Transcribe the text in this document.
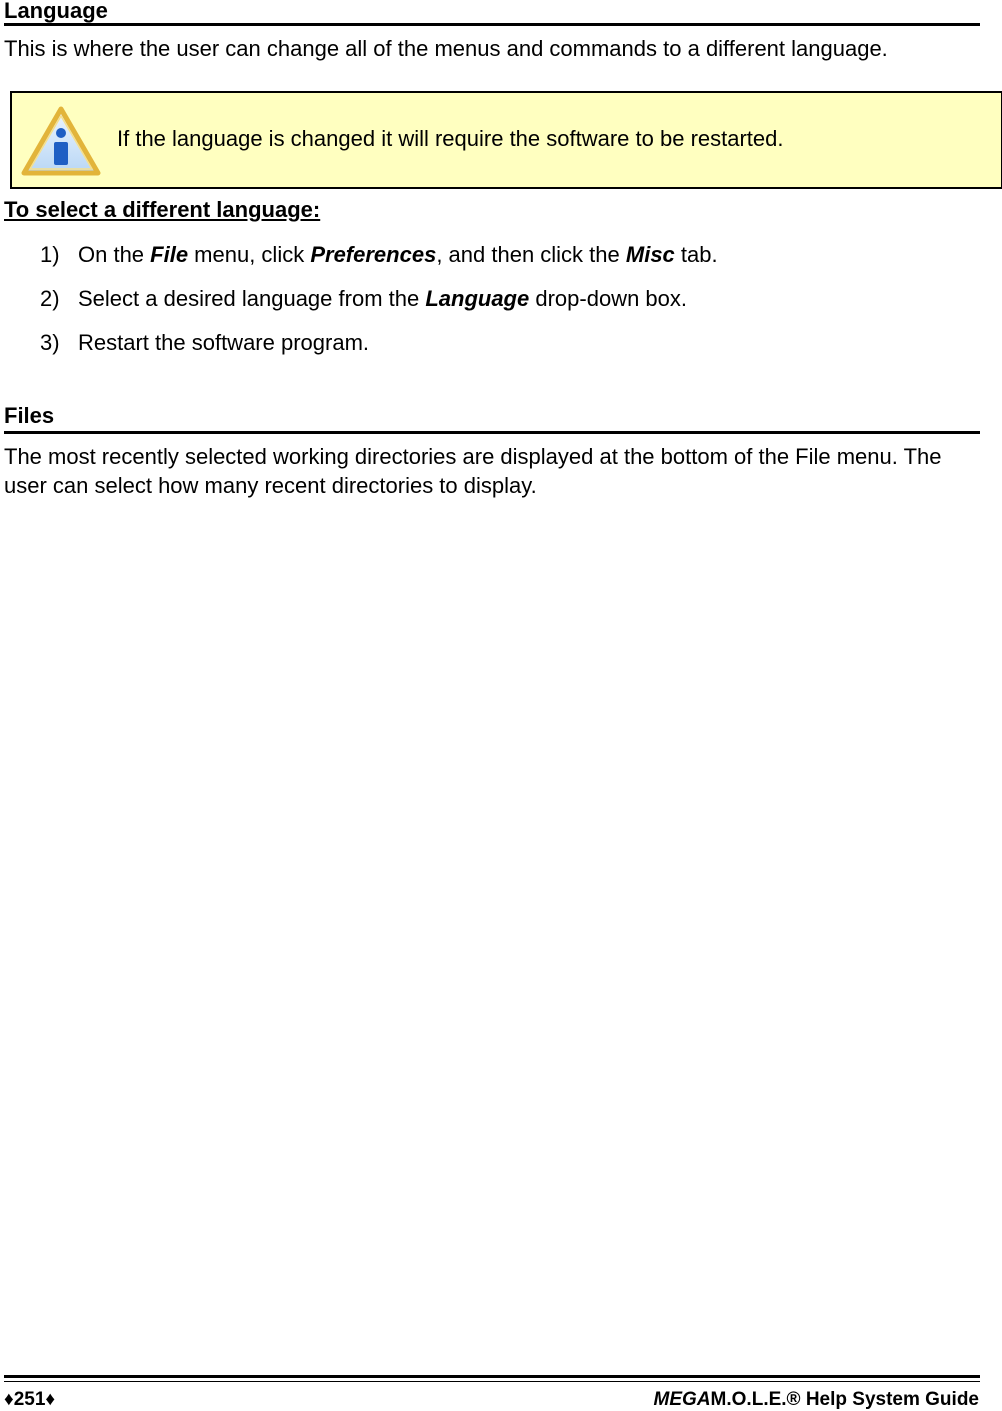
Language
This is where the user can change all of the menus and commands to a different language.
If the language is changed it will require the software to be restarted.
To select a different language:
1) On the File menu, click Preferences, and then click the Misc tab.
2) Select a desired language from the Language drop-down box.
3) Restart the software program.
Files
The most recently selected working directories are displayed at the bottom of the File menu. The user can select how many recent directories to display.
♦251♦	MEGAM.O.L.E.® Help System Guide
